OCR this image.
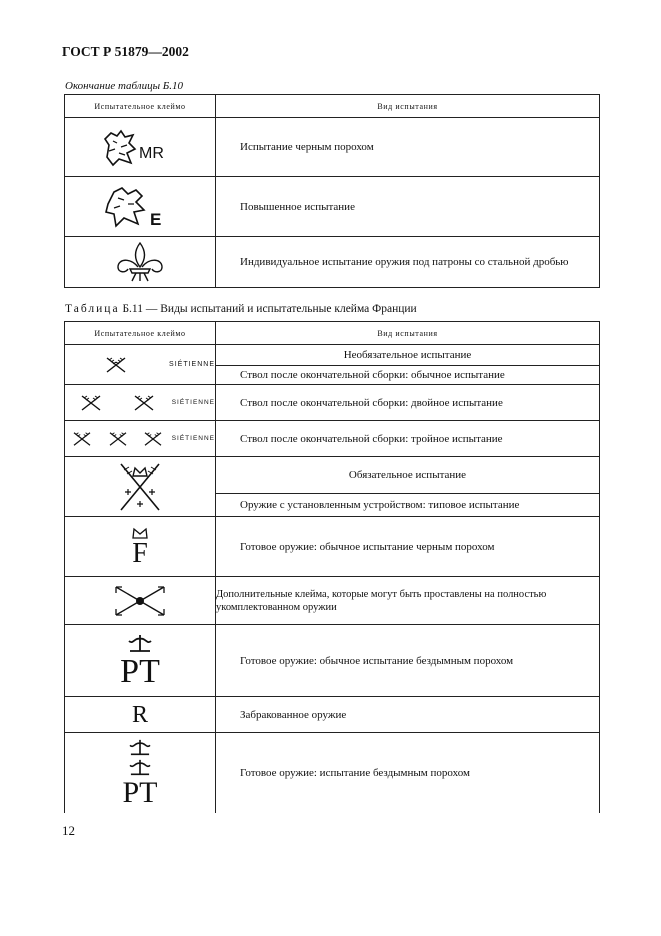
ГОСТ Р 51879—2002
Окончание таблицы Б.10
Испытательное клеймо	Вид испытания

MR	Испытание черным порохом

E	Повышенное испытание

	Индивидуальное испытание оружия под патроны со стальной дробью
Таблица Б.11 — Виды испытаний и испытательные клейма Франции
Испытательное клеймо	Вид испытания

SIÉTIENNE	Необязательное испытание
Ствол после окончательной сборки: обычное испытание

SIÉTIENNE	Ствол после окончательной сборки: двойное испытание

SIÉTIENNE	Ствол после окончательной сборки: тройное испытание

Обязательное испытание
Оружие с установленным устройством: типовое испытание

F	Готовое оружие: обычное испытание черным порохом

	Дополнительные клейма, которые могут быть проставлены на полностью укомплектованном оружии

PT	Готовое оружие: обычное испытание бездымным порохом

R	Забракованное оружие

PT	Готовое оружие: испытание бездымным порохом
12
